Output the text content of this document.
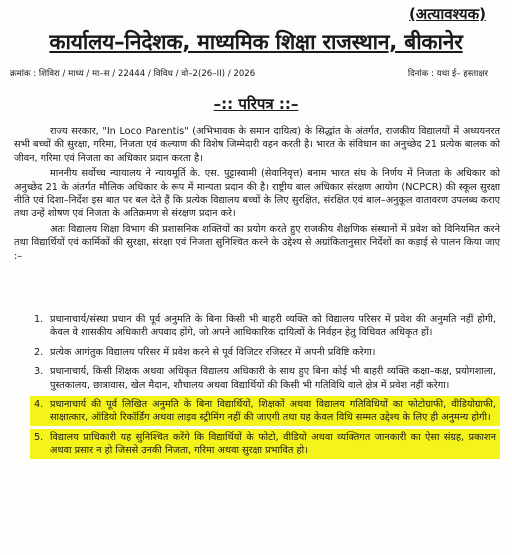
(अत्यावश्यक)
कार्यालय–निदेशक, माध्यमिक शिक्षा राजस्थान, बीकानेर
क्रमांक : शिविरा / माध्य / मा–स / 22444 / विविध / वो–2(26–II) / 2026	दिनांक : यथा ई– हस्ताक्षर
–:: परिपत्र ::–

राज्य सरकार, "In Loco Parentis" (अभिभावक के समान दायित्व) के सिद्धांत के अंतर्गत, राजकीय विद्यालयों में अध्ययनरत सभी बच्चों की सुरक्षा, गरिमा, निजता एवं कल्याण की विशेष जिम्मेदारी वहन करती है। भारत के संविधान का अनुच्छेद 21 प्रत्येक बालक को जीवन, गरिमा एवं निजता का अधिकार प्रदान करता है।

माननीय सर्वोच्च न्यायालय ने न्यायमूर्ति के. एस. पुट्टास्वामी (सेवानिवृत्त) बनाम भारत संघ के निर्णय में निजता के अधिकार को अनुच्छेद 21 के अंतर्गत मौलिक अधिकार के रूप में मान्यता प्रदान की है। राष्ट्रीय बाल अधिकार संरक्षण आयोग (NCPCR) की स्कूल सुरक्षा नीति एवं दिशा–निर्देश इस बात पर बल देते हैं कि प्रत्येक विद्यालय बच्चों के लिए सुरक्षित, संरक्षित एवं बाल–अनुकूल वातावरण उपलब्ध कराए तथा उन्हें शोषण एवं निजता के अतिक्रमण से संरक्षण प्रदान करे।

अतः विद्यालय शिक्षा विभाग की प्रशासनिक शक्तियों का प्रयोग करते हुए राजकीय शैक्षणिक संस्थानों में प्रवेश को विनियमित करने तथा विद्यार्थियों एवं कार्मिकों की सुरक्षा, संरक्षा एवं निजता सुनिश्चित करने के उद्देश्य से अग्रांकितानुसार निर्देशों का कड़ाई से पालन किया जाए :–

1. प्रधानाचार्य/संस्था प्रधान की पूर्व अनुमति के बिना किसी भी बाहरी व्यक्ति को विद्यालय परिसर में प्रवेश की अनुमति नहीं होगी, केवल वे शासकीय अधिकारी अपवाद होंगे, जो अपने आधिकारिक दायित्वों के निर्वहन हेतु विधिवत अधिकृत हों।
2. प्रत्येक आगंतुक विद्यालय परिसर में प्रवेश करने से पूर्व विजिटर रजिस्टर में अपनी प्रविष्टि करेगा।
3. प्रधानाचार्य, किसी शिक्षक अथवा अधिकृत विद्यालय अधिकारी के साथ हुए बिना कोई भी बाहरी व्यक्ति कक्षा–कक्ष, प्रयोगशाला, पुस्तकालय, छात्रावास, खेल मैदान, शौचालय अथवा विद्यार्थियों की किसी भी गतिविधि वाले क्षेत्र में प्रवेश नहीं करेगा।
4. प्रधानाचार्य की पूर्व लिखित अनुमति के बिना विद्यार्थियों, शिक्षकों अथवा विद्यालय गतिविधियों का फोटोग्राफी, वीडियोग्राफी, साक्षात्कार, ऑडियो रिकॉर्डिंग अथवा लाइव स्ट्रीमिंग नहीं की जाएगी तथा यह केवल विधि सम्मत उद्देश्य के लिए ही अनुमन्य होगी।
5. विद्यालय प्राधिकारी यह सुनिश्चित करेंगे कि विद्यार्थियों के फोटो, वीडियो अथवा व्यक्तिगत जानकारी का ऐसा संग्रह, प्रकाशन अथवा प्रसार न हो जिससे उनकी निजता, गरिमा अथवा सुरक्षा प्रभावित हो।
